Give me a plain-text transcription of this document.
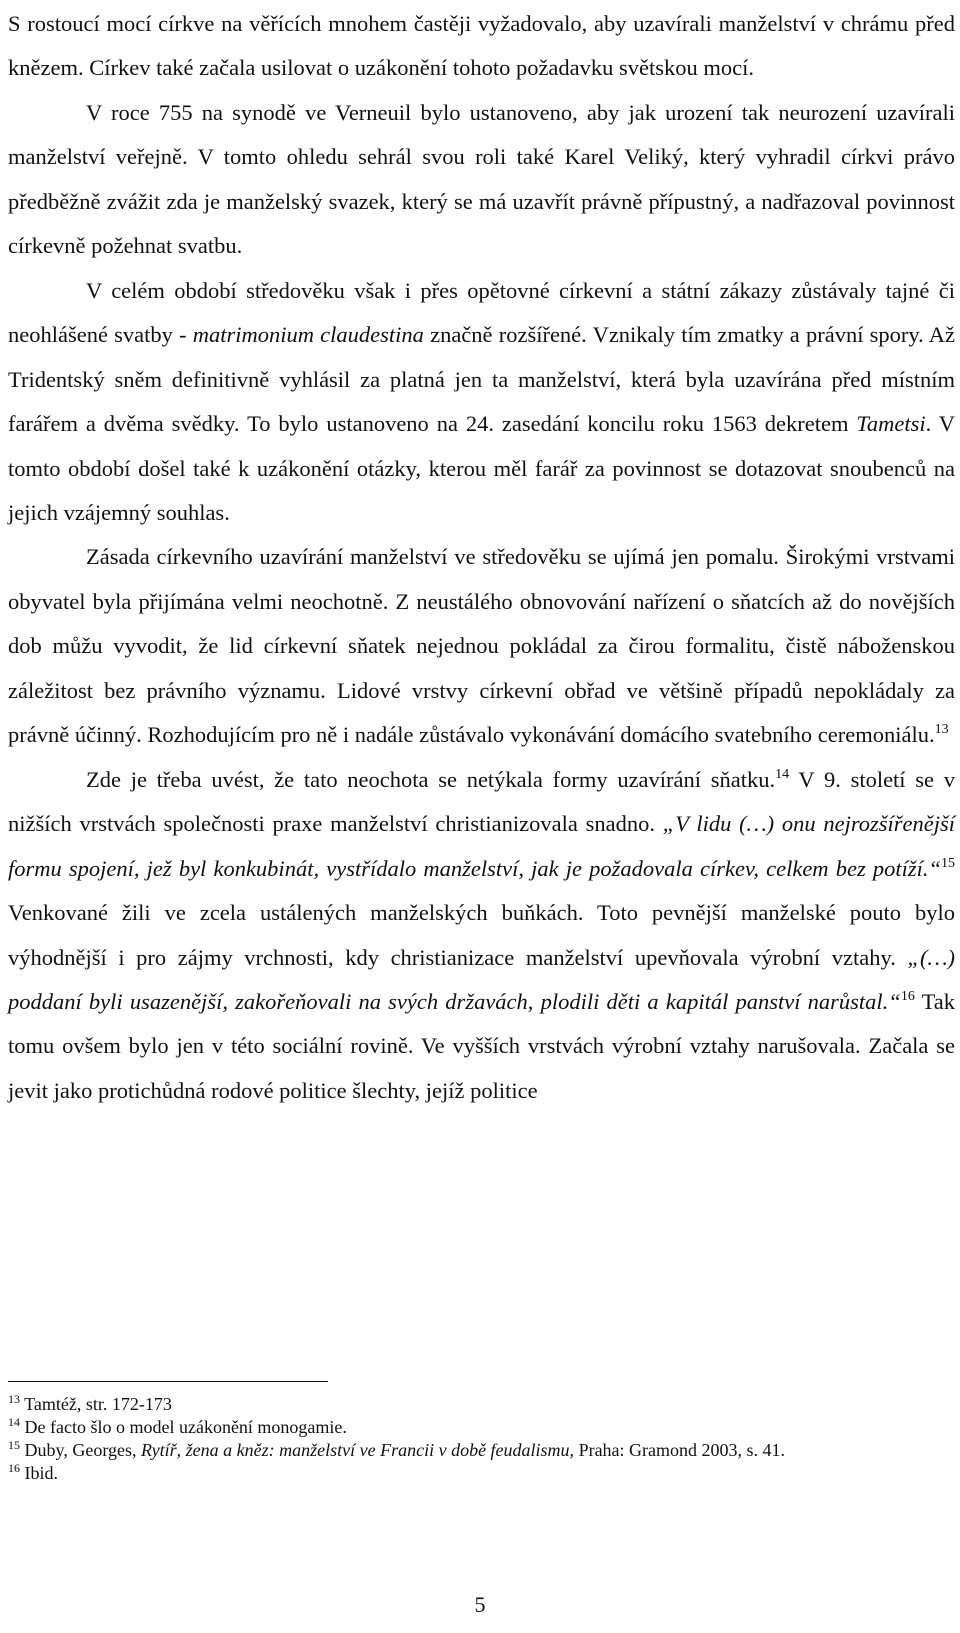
S rostoucí mocí církve na věřících mnohem častěji vyžadovalo, aby uzavírali manželství v chrámu před knězem. Církev také začala usilovat o uzákonění tohoto požadavku světskou mocí.

V roce 755 na synodě ve Verneuil bylo ustanoveno, aby jak urození tak neurození uzavírali manželství veřejně. V tomto ohledu sehrál svou roli také Karel Veliký, který vyhradil církvi právo předběžně zvážit zda je manželský svazek, který se má uzavřít právně přípustný, a nadřazoval povinnost církevně požehnat svatbu.

V celém období středověku však i přes opětovné církevní a státní zákazy zůstávaly tajné či neohlášené svatby - matrimonium claudestina značně rozšířené. Vznikaly tím zmatky a právní spory. Až Tridentský sněm definitivně vyhlásil za platná jen ta manželství, která byla uzavírána před místním farářem a dvěma svědky. To bylo ustanoveno na 24. zasedání koncilu roku 1563 dekretem Tametsi. V tomto období došel také k uzákonění otázky, kterou měl farář za povinnost se dotazovat snoubenců na jejich vzájemný souhlas.

Zásada církevního uzavírání manželství ve středověku se ujímá jen pomalu. Širokými vrstvami obyvatel byla přijímána velmi neochotně. Z neustálého obnovování nařízení o sňatcích až do novějších dob můžu vyvodit, že lid církevní sňatek nejednou pokládal za čirou formalitu, čistě náboženskou záležitost bez právního významu. Lidové vrstvy církevní obřad ve většině případů nepokládaly za právně účinný. Rozhodujícím pro ně i nadále zůstávalo vykonávání domácího svatebního ceremoniálu.$^{13}$

Zde je třeba uvést, že tato neochota se netýkala formy uzavírání sňatku.$^{14}$ V 9. století se v nižších vrstvách společnosti praxe manželství christianizovala snadno. „V lidu (…) onu nejrozšířenější formu spojení, jež byl konkubinát, vystřídalo manželství, jak je požadovala církev, celkem bez potíží.“$^{15}$ Venkované žili ve zcela ustálených manželských buňkách. Toto pevnější manželské pouto bylo výhodnější i pro zájmy vrchnosti, kdy christianizace manželství upevňovala výrobní vztahy. „(…) poddaní byli usazenější, zakořeňovali na svých državách, plodili děti a kapitál panství narůstal.“$^{16}$ Tak tomu ovšem bylo jen v této sociální rovině. Ve vyšších vrstvách výrobní vztahy narušovala. Začala se jevit jako protichůdná rodové politice šlechty, jejíž politice

$^{13}$ Tamtéž, str. 172-173
$^{14}$ De facto šlo o model uzákonění monogamie.
$^{15}$ Duby, Georges, Rytíř, žena a kněz: manželství ve Francii v době feudalismu, Praha: Gramond 2003, s. 41.
$^{16}$ Ibid.
5
